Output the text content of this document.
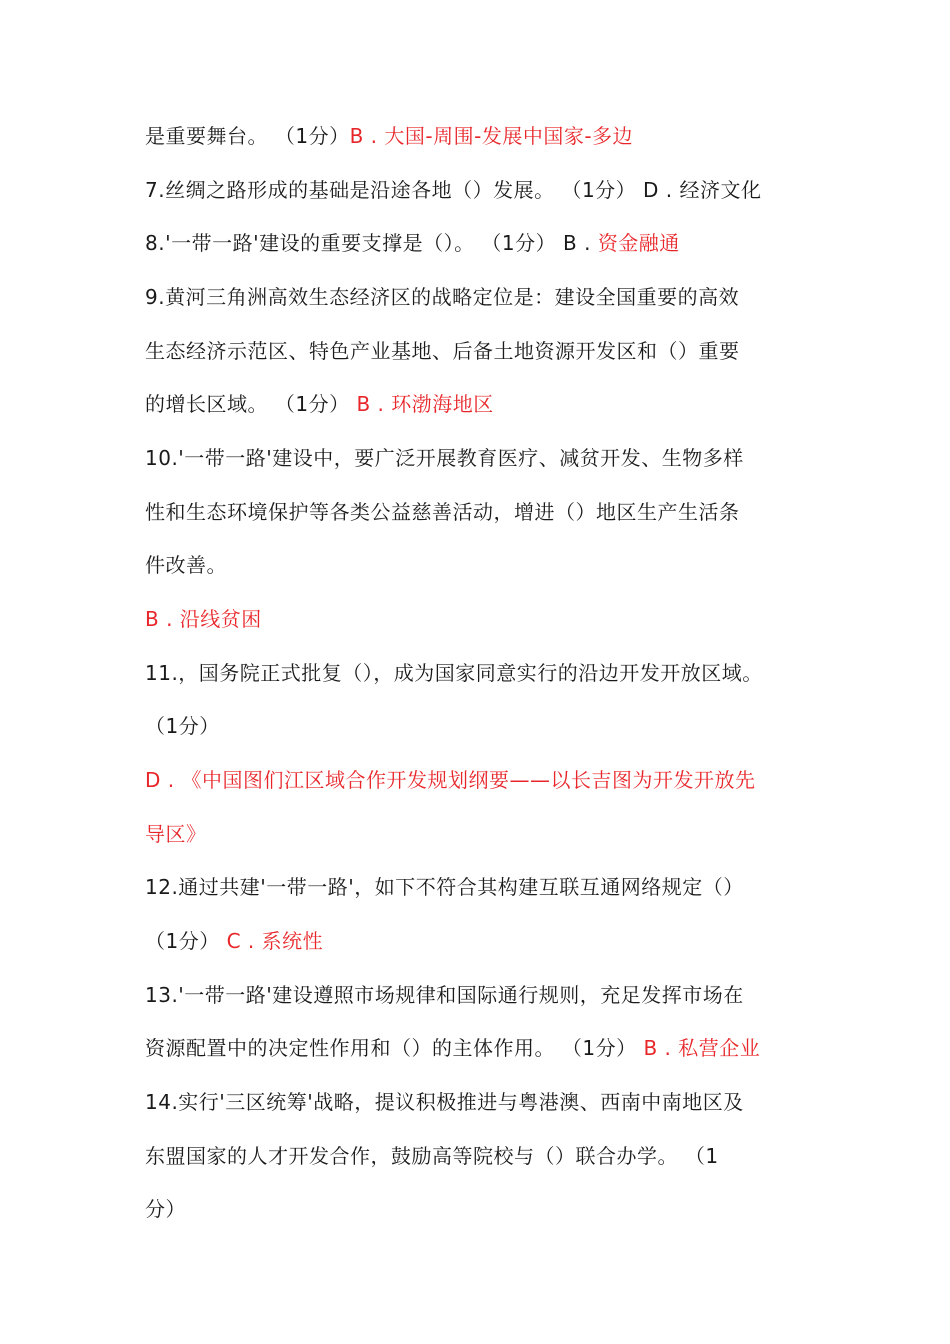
是重要舞台。 （1分）B . 大国-周围-发展中国家-多边
7.丝绸之路形成的基础是沿途各地（）发展。 （1分） D . 经济文化
8.'一带一路'建设的重要支撑是（）。 （1分） B . 资金融通
9.黄河三角洲高效生态经济区的战略定位是：建设全国重要的高效
生态经济示范区、特色产业基地、后备土地资源开发区和（）重要
的增长区域。 （1分） B . 环渤海地区
10.'一带一路'建设中，要广泛开展教育医疗、减贫开发、生物多样
性和生态环境保护等各类公益慈善活动，增进（）地区生产生活条
件改善。
B . 沿线贫困
11.，国务院正式批复（），成为国家同意实行的沿边开发开放区域。
（1分）
D . 《中国图们江区域合作开发规划纲要——以长吉图为开发开放先
导区》
12.通过共建'一带一路'，如下不符合其构建互联互通网络规定（）
（1分） C . 系统性
13.'一带一路'建设遵照市场规律和国际通行规则，充足发挥市场在
资源配置中的决定性作用和（）的主体作用。 （1分） B . 私营企业
14.实行'三区统筹'战略，提议积极推进与粤港澳、西南中南地区及
东盟国家的人才开发合作，鼓励高等院校与（）联合办学。 （1
分）
